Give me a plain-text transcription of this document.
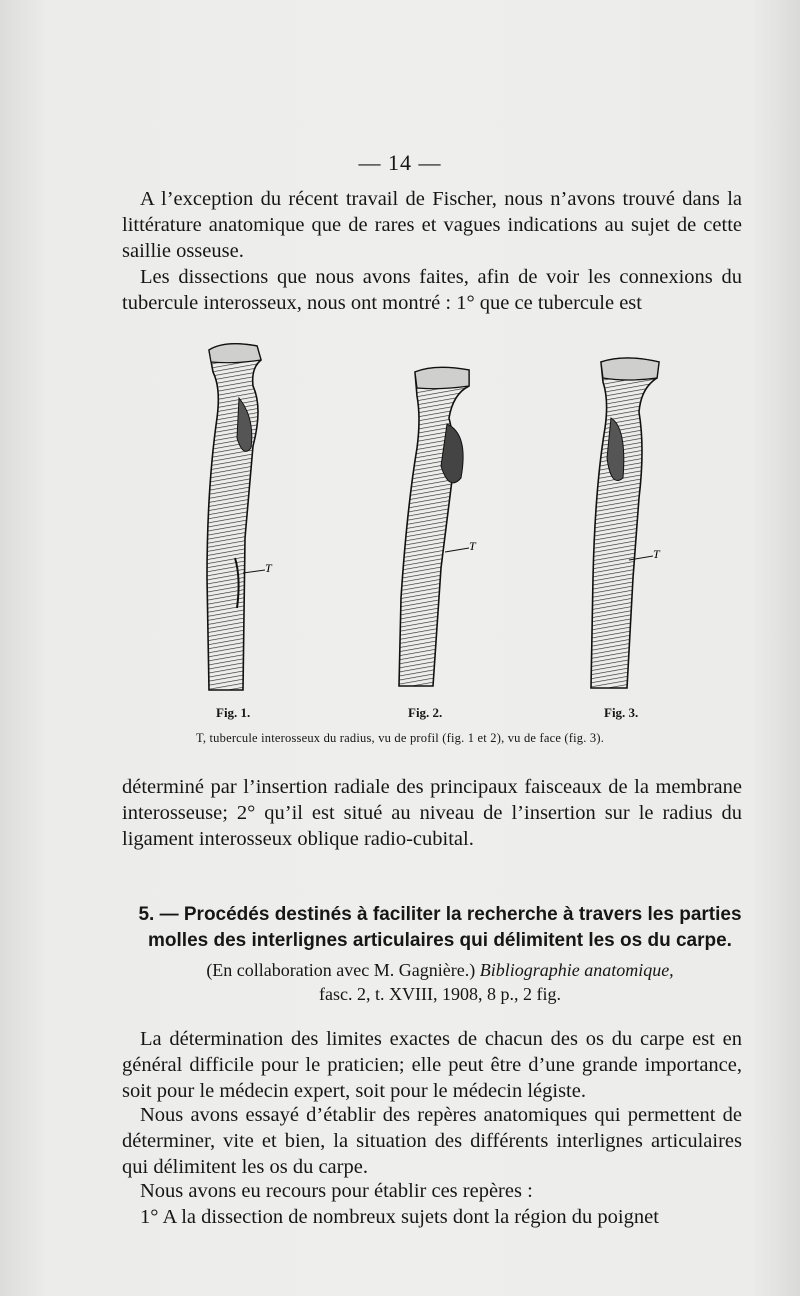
— 14 —

A l’exception du récent travail de Fischer, nous n’avons trouvé dans la littérature anatomique que de rares et vagues indications au sujet de cette saillie osseuse.

Les dissections que nous avons faites, afin de voir les connexions du tubercule interosseux, nous ont montré : 1° que ce tubercule est

T
T
T
Fig. 1.	Fig. 2.	Fig. 3.
T, tubercule interosseux du radius, vu de profil (fig. 1 et 2), vu de face (fig. 3).

déterminé par l’insertion radiale des principaux faisceaux de la membrane interosseuse; 2° qu’il est situé au niveau de l’insertion sur le radius du ligament interosseux oblique radio-cubital.

5. — Procédés destinés à faciliter la recherche à travers les parties molles des interlignes articulaires qui délimitent les os du carpe.

(En collaboration avec M. Gagnière.) Bibliographie anatomique,
fasc. 2, t. XVIII, 1908, 8 p., 2 fig.

La détermination des limites exactes de chacun des os du carpe est en général difficile pour le praticien; elle peut être d’une grande importance, soit pour le médecin expert, soit pour le médecin légiste.

Nous avons essayé d’établir des repères anatomiques qui permettent de déterminer, vite et bien, la situation des différents interlignes articulaires qui délimitent les os du carpe.

Nous avons eu recours pour établir ces repères :

1° A la dissection de nombreux sujets dont la région du poignet
